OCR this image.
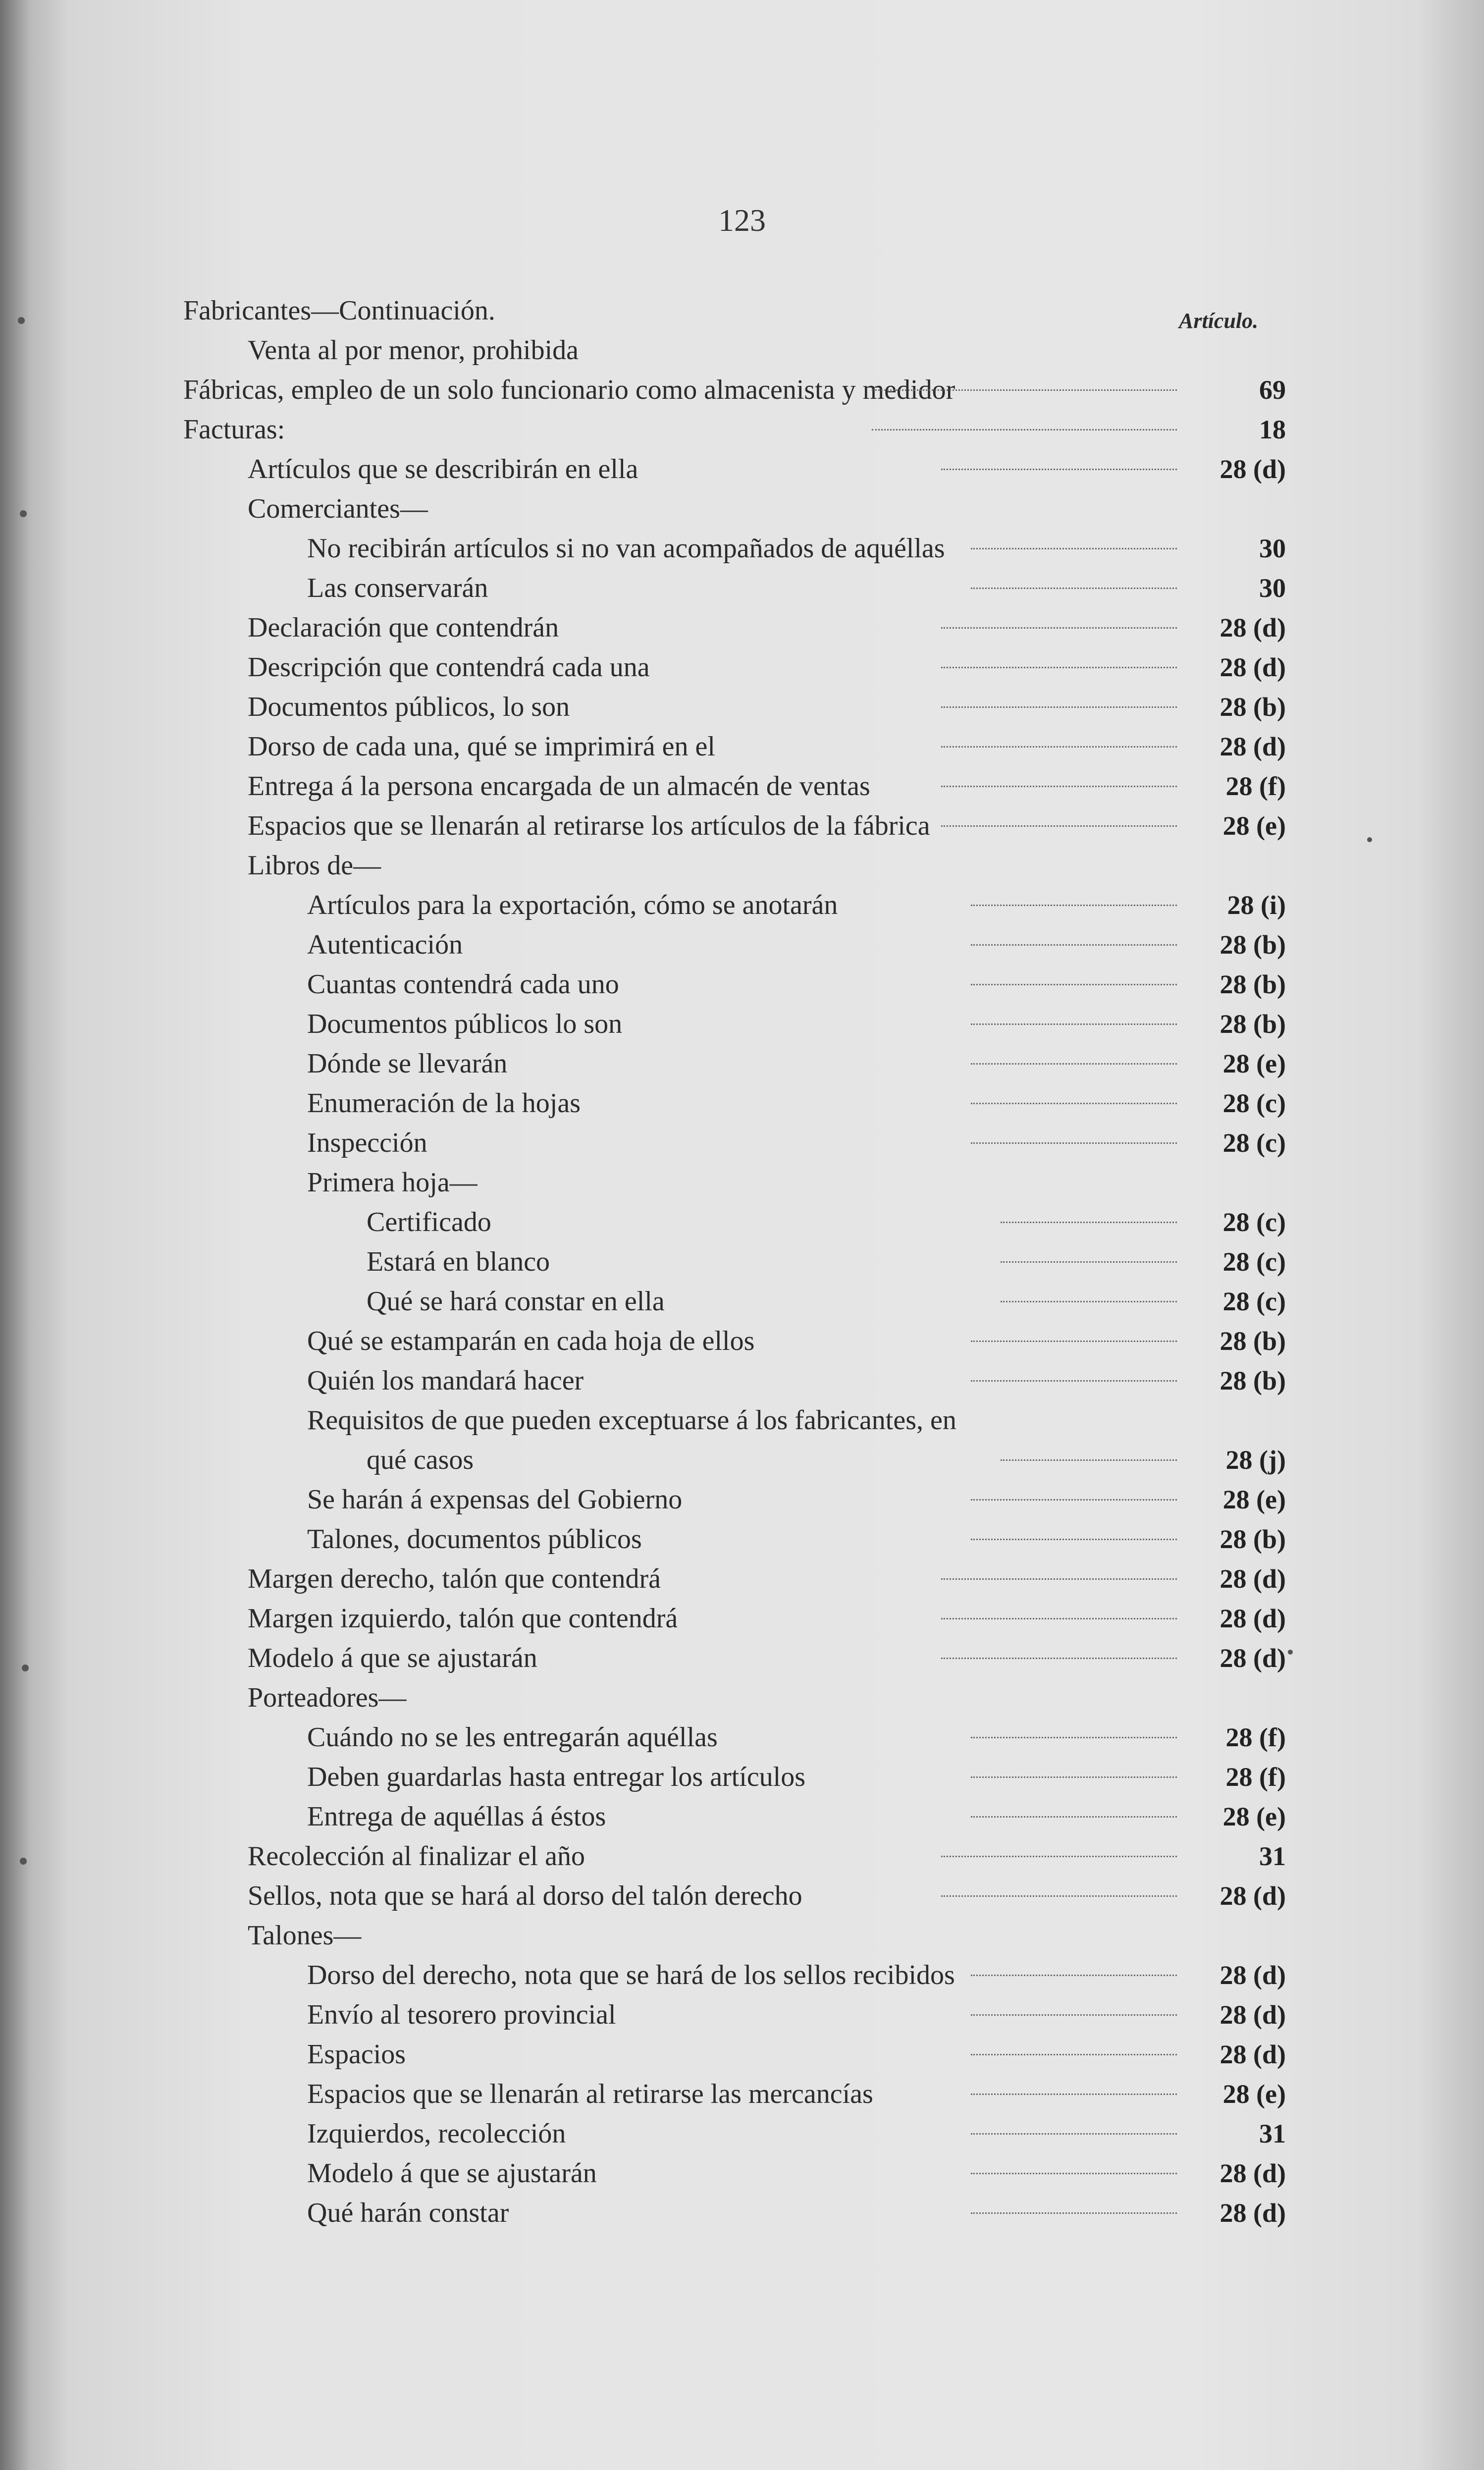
123
Artículo.
Fabricantes—Continuación.
Venta al por menor, prohibida
Fábricas, empleo de un solo funcionario como almacenista y medidor	69
Facturas:	18
Artículos que se describirán en ella	28 (d)
Comerciantes—
No recibirán artículos si no van acompañados de aquéllas	30
Las conservarán	30
Declaración que contendrán	28 (d)
Descripción que contendrá cada una	28 (d)
Documentos públicos, lo son	28 (b)
Dorso de cada una, qué se imprimirá en el	28 (d)
Entrega á la persona encargada de un almacén de ventas	28 (f)
Espacios que se llenarán al retirarse los artículos de la fábrica	28 (e)
Libros de—
Artículos para la exportación, cómo se anotarán	28 (i)
Autenticación	28 (b)
Cuantas contendrá cada uno	28 (b)
Documentos públicos lo son	28 (b)
Dónde se llevarán	28 (e)
Enumeración de la hojas	28 (c)
Inspección	28 (c)
Primera hoja—
Certificado	28 (c)
Estará en blanco	28 (c)
Qué se hará constar en ella	28 (c)
Qué se estamparán en cada hoja de ellos	28 (b)
Quién los mandará hacer	28 (b)
Requisitos de que pueden exceptuarse á los fabricantes, en
qué casos	28 (j)
Se harán á expensas del Gobierno	28 (e)
Talones, documentos públicos	28 (b)
Margen derecho, talón que contendrá	28 (d)
Margen izquierdo, talón que contendrá	28 (d)
Modelo á que se ajustarán	28 (d)
Porteadores—
Cuándo no se les entregarán aquéllas	28 (f)
Deben guardarlas hasta entregar los artículos	28 (f)
Entrega de aquéllas á éstos	28 (e)
Recolección al finalizar el año	31
Sellos, nota que se hará al dorso del talón derecho	28 (d)
Talones—
Dorso del derecho, nota que se hará de los sellos recibidos	28 (d)
Envío al tesorero provincial	28 (d)
Espacios	28 (d)
Espacios que se llenarán al retirarse las mercancías	28 (e)
Izquierdos, recolección	31
Modelo á que se ajustarán	28 (d)
Qué harán constar	28 (d)
